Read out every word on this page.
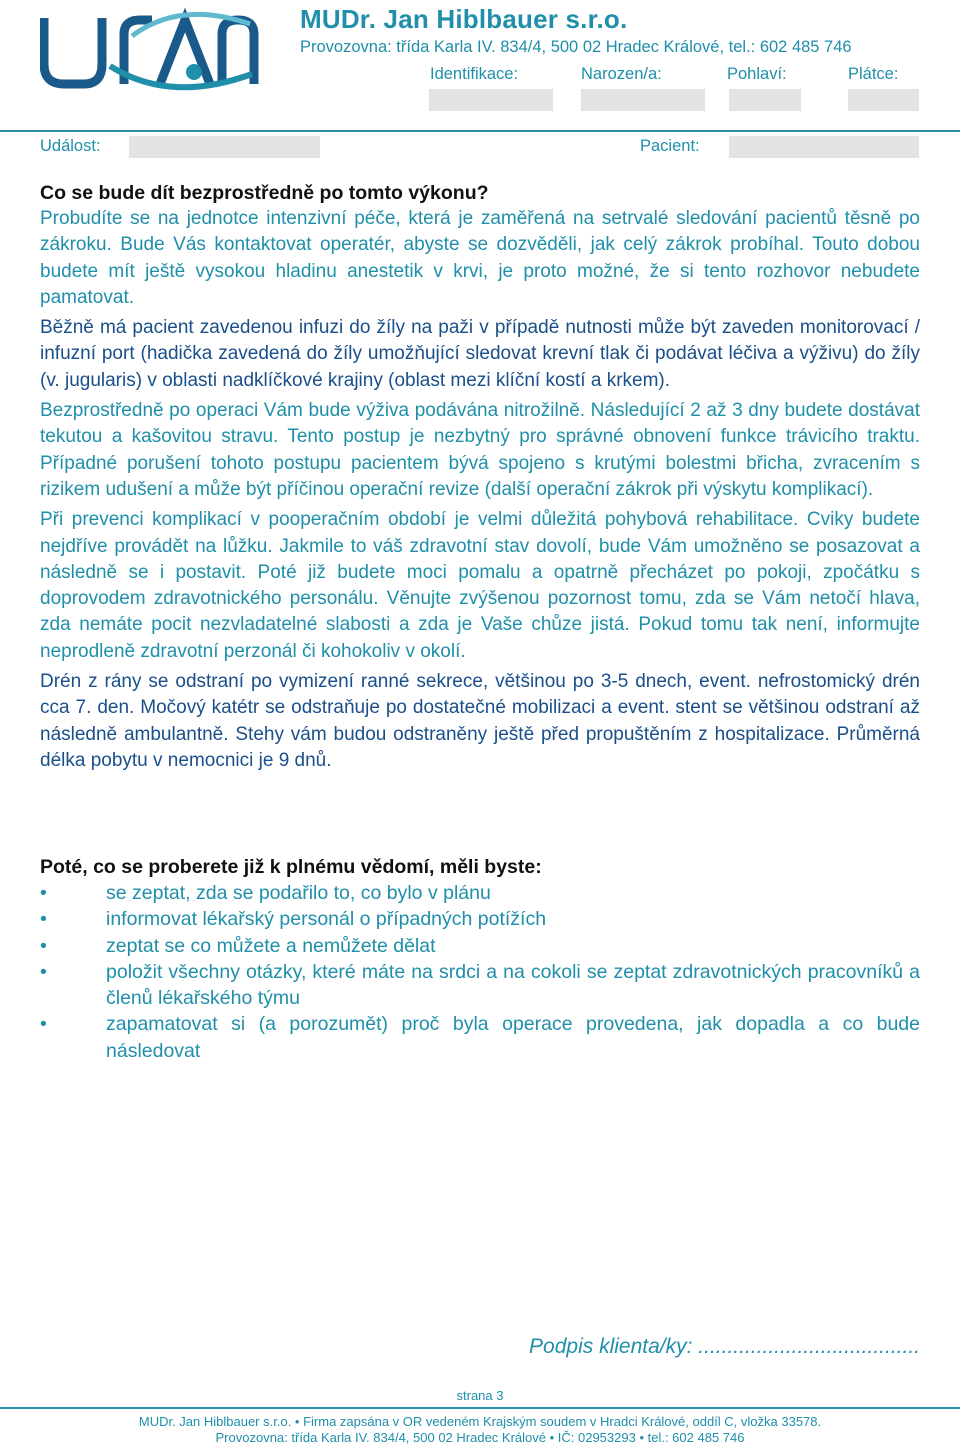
MUDr. Jan Hiblbauer s.r.o.
Provozovna: třída Karla IV. 834/4, 500 02 Hradec Králové, tel.: 602 485 746
Identifikace:	Narozen/a:	Pohlaví:	Plátce:
Událost:	Pacient:
Co se bude dít bezprostředně po tomto výkonu?

Probudíte se na jednotce intenzivní péče, která je zaměřená na setrvalé sledování pacientů těsně po zákroku. Bude Vás kontaktovat operatér, abyste se dozvěděli, jak celý zákrok probíhal. Touto dobou budete mít ještě vysokou hladinu anestetik v krvi, je proto možné, že si tento rozhovor nebudete pamatovat.

Běžně má pacient zavedenou infuzi do žíly na paži v případě nutnosti může být zaveden monitorovací / infuzní port (hadička zavedená do žíly umožňující sledovat krevní tlak či podávat léčiva a výživu) do žíly (v. jugularis) v oblasti nadklíčkové krajiny (oblast mezi klíční kostí a krkem).

Bezprostředně po operaci Vám bude výživa podávána nitrožilně. Následující 2 až 3 dny budete dostávat tekutou a kašovitou stravu. Tento postup je nezbytný pro správné obnovení funkce trávicího traktu. Případné porušení tohoto postupu pacientem bývá spojeno s krutými bolestmi břicha, zvracením s rizikem udušení a může být příčinou operační revize (další operační zákrok při výskytu komplikací).

Při prevenci komplikací v pooperačním období je velmi důležitá pohybová rehabilitace. Cviky budete nejdříve provádět na lůžku. Jakmile to váš zdravotní stav dovolí, bude Vám umožněno se posazovat a následně se i postavit. Poté již budete moci pomalu a opatrně přecházet po pokoji, zpočátku s doprovodem zdravotnického personálu. Věnujte zvýšenou pozornost tomu, zda se Vám netočí hlava, zda nemáte pocit nezvladatelné slabosti a zda je Vaše chůze jistá. Pokud tomu tak není, informujte neprodleně zdravotní perzonál či kohokoliv v okolí.

Drén z rány se odstraní po vymizení ranné sekrece, většinou po 3-5 dnech, event. nefrostomický drén cca 7. den. Močový katétr se odstraňuje po dostatečné mobilizaci a event. stent se většinou odstraní až následně ambulantně. Stehy vám budou odstraněny ještě před propuštěním z hospitalizace. Průměrná délka pobytu v nemocnici je 9 dnů.

Poté, co se proberete již k plnému vědomí, měli byste:
•	se zeptat, zda se podařilo to, co bylo v plánu
•	informovat lékařský personál o případných potížích
•	zeptat se co můžete a nemůžete dělat
•	položit všechny otázky, které máte na srdci a na cokoli se zeptat zdravotnických pracovníků a členů lékařského týmu
•	zapamatovat si (a porozumět) proč byla operace provedena, jak dopadla a co bude následovat
Podpis klienta/ky: ......................................
strana 3
MUDr. Jan Hiblbauer s.r.o. • Firma zapsána v OR vedeném Krajským soudem v Hradci Králové, oddíl C, vložka 33578.
Provozovna: třída Karla IV. 834/4, 500 02 Hradec Králové • IČ: 02953293 • tel.: 602 485 746
